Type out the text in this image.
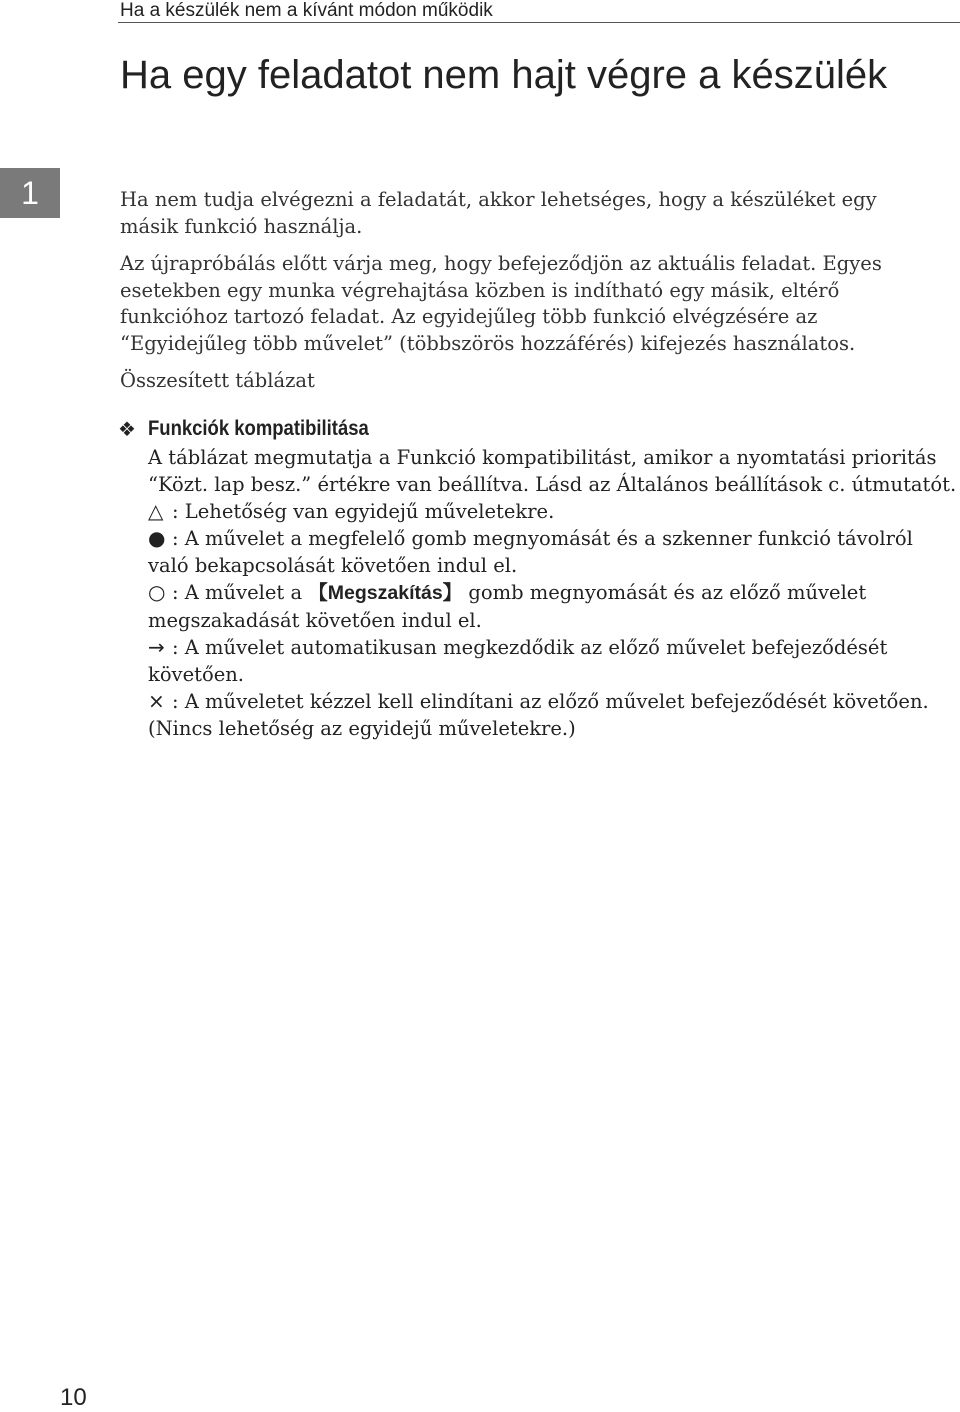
Ha a készülék nem a kívánt módon működik
1
Ha egy feladatot nem hajt végre a készülék

Ha nem tudja elvégezni a feladatát, akkor lehetséges, hogy a készüléket egy másik funkció használja.

Az újrapróbálás előtt várja meg, hogy befejeződjön az aktuális feladat. Egyes esetekben egy munka végrehajtása közben is indítható egy másik, eltérő funkcióhoz tartozó feladat. Az egyidejűleg több funkció elvégzésére az “Egyidejűleg több művelet” (többszörös hozzáférés) kifejezés használatos.

Összesített táblázat

❖ Funkciók kompatibilitása

A táblázat megmutatja a Funkció kompatibilitást, amikor a nyomtatási prioritás “Közt. lap besz.” értékre van beállítva. Lásd az Általános beállítások c. útmutatót.

△ : Lehetőség van egyidejű műveletekre.

● : A művelet a megfelelő gomb megnyomását és a szkenner funkció távolról való bekapcsolását követően indul el.

○ : A művelet a 【Megszakítás】 gomb megnyomását és az előző művelet megszakadását követően indul el.

→ : A művelet automatikusan megkezdődik az előző művelet befejeződését követően.

× : A műveletet kézzel kell elindítani az előző művelet befejeződését követően. (Nincs lehetőség az egyidejű műveletekre.)

10
